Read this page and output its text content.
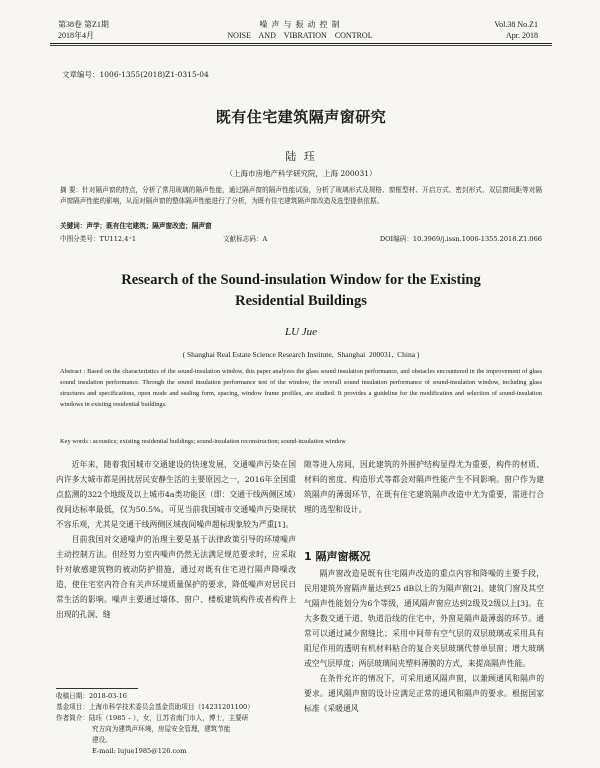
第38卷 第Z1期
2018年4月
噪 声 与 振 动 控 制
NOISE    AND    VIBRATION    CONTROL
Vol.38 No.Z1
Apr. 2018
文章编号：1006-1355(2018)Z1-0315-04
既有住宅建筑隔声窗研究
陆 珏
（上海市房地产科学研究院，上海 200031）
摘 要：针对隔声窗的特点，分析了常用玻璃的隔声性能，通过隔声窗的隔声性能试验，分析了玻璃形式及规格、窗框型材、开启方式、密封形式、双层窗间距等对隔声窗隔声性能的影响，从而对隔声窗的整体隔声性能进行了分析，为既有住宅建筑隔声窗改造及选型提供依据。
关键词：声学；既有住宅建筑；隔声窗改造；隔声窗
中图分类号：TU112.4⁺1	文献标志码：A	DOI编码：10.3969/j.issn.1006-1355.2018.Z1.066
Research of the Sound-insulation Window for the Existing
Residential Buildings
LU Jue
( Shanghai Real Estate Science Research Institute,  Shanghai  200031,  China )
Abstract : Based on the characteristics of the sound-insulation window, this paper analyzes the glass sound insulation performance, and obstacles encountered in the improvement of glass sound insulation performance. Through the sound insulation performance test of the window, the overall sound insulation performance of sound-insulation window, including glass structures and specifications, open mode and sealing form, spacing, window frame profiles, are studied. It provides a guideline for the modification and selection of sound-insulation windows in existing residential buildings.
Key words : acoustics; existing residential buildings; sound-insulation reconstruction; sound-insulation window

近年来，随着我国城市交通建设的快速发展，交通噪声污染在国内许多大城市都是困扰居民安静生活的主要原因之一，2016年全国重点监测的322个地级及以上城市4a类功能区（即：交通干线两侧区域）夜间达标率最低，仅为50.5%。可见当前我国城市交通噪声污染现状不容乐观，尤其是交通干线两侧区域夜间噪声超标现象较为严重[1]。

目前我国对交通噪声的治理主要是基于法律政策引导的环境噪声主动控制方法。但经努力室内噪声仍然无法满足规范要求时，应采取针对敏感建筑物的被动防护措施，通过对既有住宅进行隔声降噪改造，使住宅室内符合有关声环境质量保护的要求，降低噪声对居民日常生活的影响。噪声主要通过墙体、窗户、楼板建筑构件或者构件上出现的孔洞、缝

收稿日期：2018-03-16
基金项目：上海市科学技术委员会基金资助项目（14231201100）
作者简介：陆珏（1985 – ），女，江苏省南门市人，博士，主要研
究方向为建筑声环境，房屋安全管理，建筑节能
建设。
E-mail: lujue1985@126.com

隙等进入房间，因此建筑的外围护结构显得尤为重要，构件的材质、材料的密度、构造形式等都会对隔声性能产生不同影响。窗户作为建筑隔声的薄弱环节，在既有住宅建筑隔声改造中尤为重要，需进行合理的选型和设计。

1 隔声窗概况

隔声窗改造是既有住宅隔声改造的重点内容和降噪的主要手段，民用建筑外窗隔声量达到25 dB以上的为隔声窗[2]。建筑门窗及其空气隔声性能划分为6个等级，通风隔声窗应达到2级及2级以上[3]。在大多数交通干道、轨道沿线的住宅中，外窗是隔声最薄弱的环节。通常可以通过减少窗缝比；采用中间带有空气层的双层玻璃或采用具有阻尼作用的透明有机材料粘合的复合夹层玻璃代替单层窗；增大玻璃或空气层厚度；两层玻璃间夹塑料薄膜的方式，来提高隔声性能。

在条件允许的情况下，可采用通风隔声窗，以兼顾通风和隔声的要求。通风隔声窗的设计应满足正常的通风和隔声的要求。根据国家标准《采暖通风
